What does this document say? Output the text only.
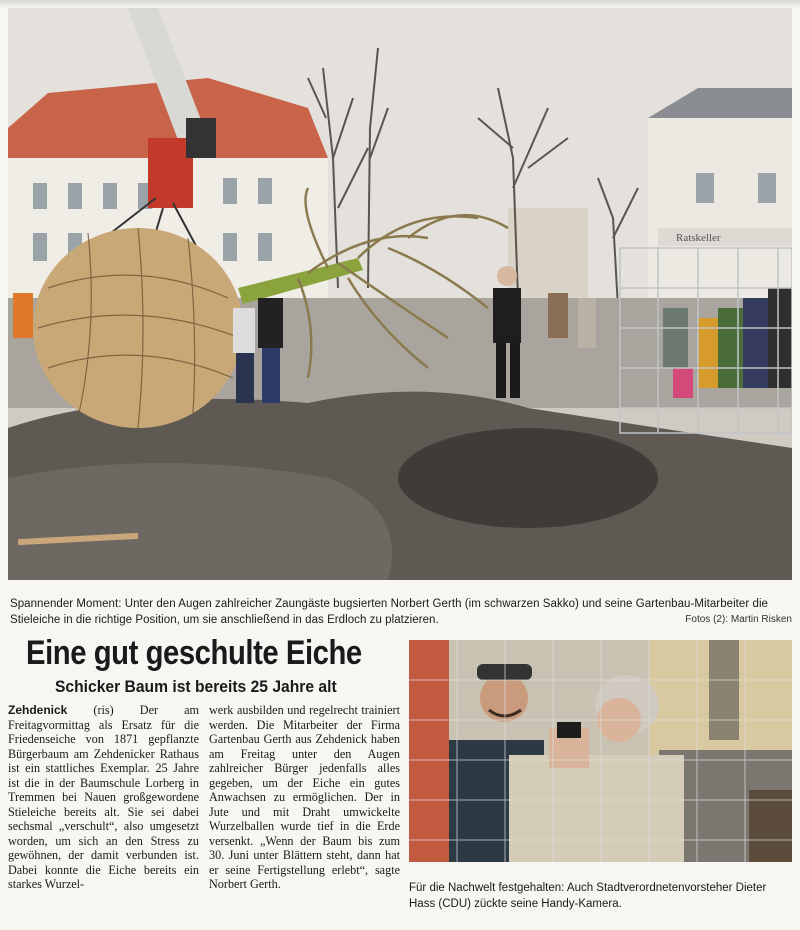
Ratskeller
Spannender Moment: Unter den Augen zahlreicher Zaungäste bugsierten Norbert Gerth (im schwarzen Sakko) und seine Gartenbau-Mitarbeiter die Stieleiche in die richtige Position, um sie anschließend in das Erdloch zu platzieren.	Fotos (2): Martin Risken
Eine gut geschulte Eiche
Schicker Baum ist bereits 25 Jahre alt

Zehdenick (ris) Der am Freitagvormittag als Ersatz für die Friedenseiche von 1871 gepflanzte Bürgerbaum am Zehdenicker Rathaus ist ein stattliches Exemplar. 25 Jahre ist die in der Baumschule Lorberg in Tremmen bei Nauen großgewordene Stieleiche bereits alt. Sie sei dabei sechsmal „verschult“, also umgesetzt worden, um sich an den Stress zu gewöhnen, der damit verbunden ist. Dabei konnte die Eiche bereits ein starkes Wurzel-

werk ausbilden und regelrecht trainiert werden. Die Mitarbeiter der Firma Gartenbau Gerth aus Zehdenick haben am Freitag unter den Augen zahlreicher Bürger jedenfalls alles gegeben, um der Eiche ein gutes Anwachsen zu ermöglichen. Der in Jute und mit Draht umwickelte Wurzelballen wurde tief in die Erde versenkt. „Wenn der Baum bis zum 30. Juni unter Blättern steht, dann hat er seine Fertigstellung erlebt“, sagte Norbert Gerth.	Für die Nachwelt festgehalten: Auch Stadtverordnetenvorsteher Dieter Hass (CDU) zückte seine Handy-Kamera.
